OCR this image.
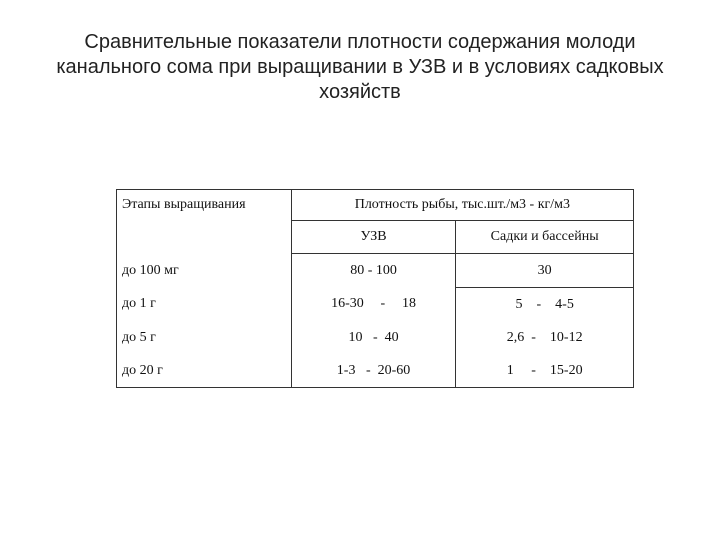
Сравнительные показатели плотности содержания молоди
канального сома при выращивании в УЗВ и в условиях садковых
хозяйств
Этапы выращивания	Плотность рыбы, тыс.шт./м3 - кг/м3	
	УЗВ	Садки и бассейны
до 100 мг	80 - 100	30
до 1 г	16-30  -  18	5    -    4-5
до 5 г	10   -  40	2,6  -    10-12
до 20 г	1-3   -  20-60	1     -    15-20
